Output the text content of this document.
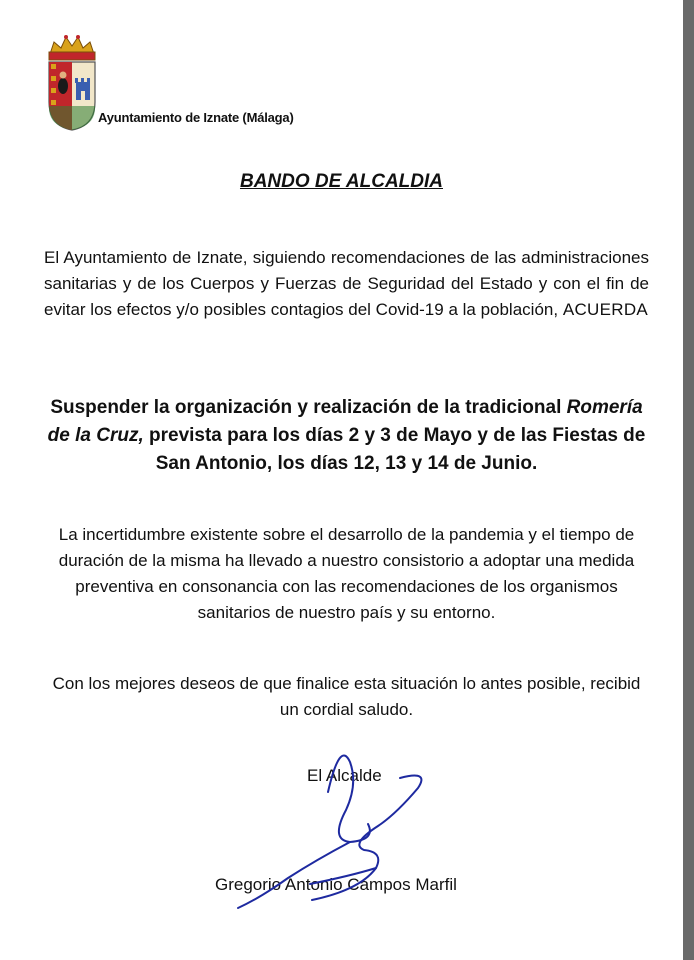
Ayuntamiento de Iznate (Málaga)
BANDO DE ALCALDIA
El Ayuntamiento de Iznate, siguiendo recomendaciones de las administraciones sanitarias y de los Cuerpos y Fuerzas de Seguridad del Estado y con el fin de evitar los efectos y/o posibles contagios del Covid-19 a la población, ACUERDA
Suspender la organización y realización de la tradicional Romería de la Cruz, prevista para los días 2 y 3 de Mayo y de las Fiestas de San Antonio, los días 12, 13 y 14 de Junio.
La incertidumbre existente sobre el desarrollo de la pandemia y el tiempo de duración de la misma ha llevado a nuestro consistorio a adoptar una medida preventiva en consonancia con las recomendaciones de los organismos sanitarios de nuestro país y su entorno.
Con los mejores deseos de que finalice esta situación lo antes posible, recibid un cordial saludo.
El Alcalde
Gregorio Antonio Campos Marfil
